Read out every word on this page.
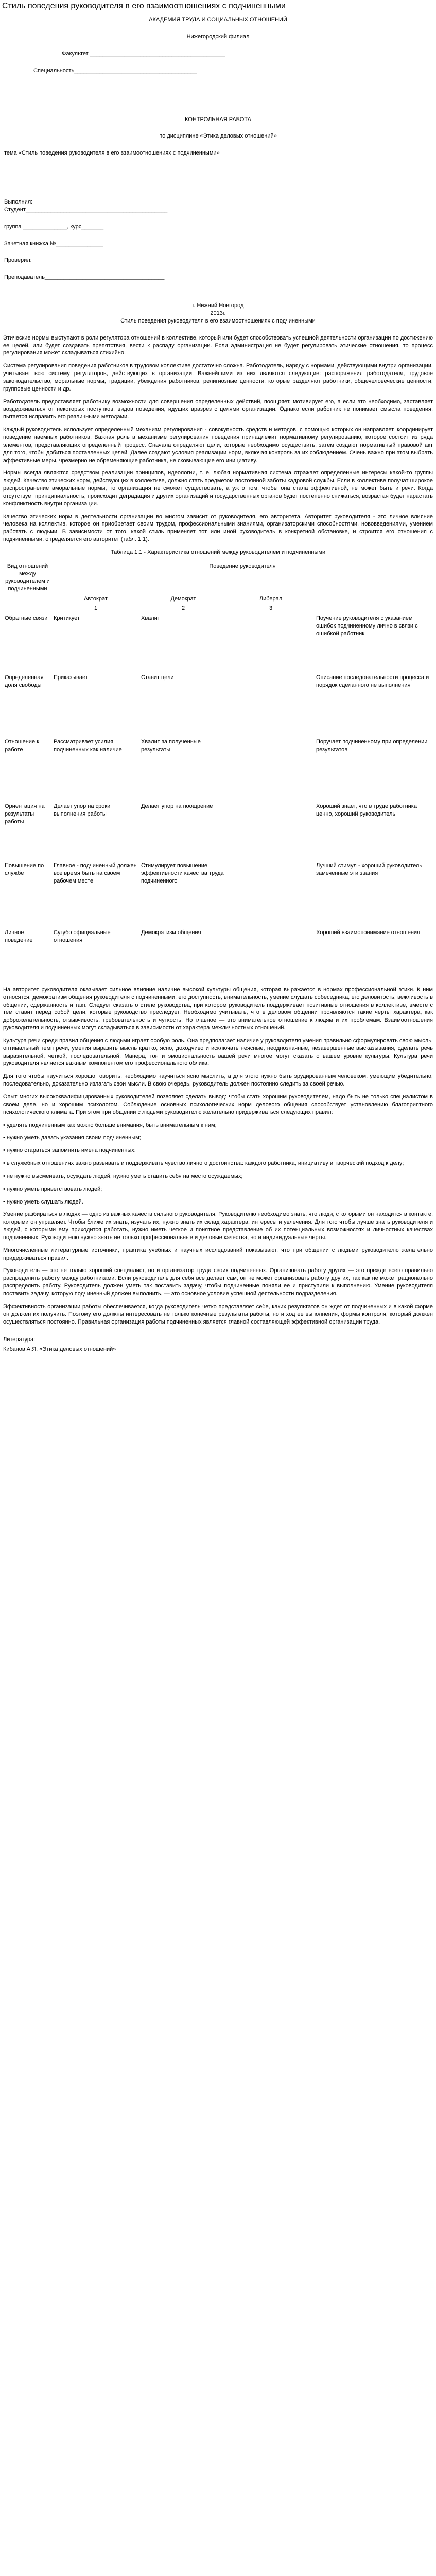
Стиль поведения руководителя в его взаимоотношениях с подчиненными

АКАДЕМИЯ ТРУДА И СОЦИАЛЬНЫХ ОТНОШЕНИЙ

Нижегородский филиал

Факультет ___________________________________________

Специальность_______________________________________

КОНТРОЛЬНАЯ РАБОТА

по дисциплине «Этика деловых отношений»

тема «Стиль поведения руководителя в его взаимоотношениях с подчиненными»

Выполнил:

Студент_____________________________________________

группа ______________, курс_______

Зачетная книжка №_______________

Проверил:

Преподаватель______________________________________

г. Нижний Новгород

2013г.

Стиль поведения руководителя в его взаимоотношениях с подчиненными

Этические нормы выступают в роли регулятора отношений в коллективе, который или будет способствовать успешной деятельности организации по достижению ее целей, или будет создавать препятствия, вести к распаду организации. Если администрация не будет регулировать этические отношения, то процесс регулирования может складываться стихийно.

Система регулирования поведения работников в трудовом коллективе достаточно сложна. Работодатель, наряду с нормами, действующими внутри организации, учитывает всю систему регуляторов, действующих в организации. Важнейшими из них являются следующие: распоряжения работодателя, трудовое законодательство, моральные нормы, традиции, убеждения работников, религиозные ценности, которые разделяют работники, общечеловеческие ценности, групповые ценности и др.

Работодатель предоставляет работнику возможности для совершения определенных действий, поощряет, мотивирует его, а если это необходимо, заставляет воздерживаться от некоторых поступков, видов поведения, идущих вразрез с целями организации. Однако если работник не понимает смысла поведения, пытается исправить его различными методами.

Каждый руководитель использует определенный механизм регулирования - совокупность средств и методов, с помощью которых он направляет, координирует поведение наемных работников. Важная роль в механизме регулирования поведения принадлежит нормативному регулированию, которое состоит из ряда элементов, представляющих определенный процесс. Сначала определяют цели, которые необходимо осуществить, затем создают нормативный правовой акт для того, чтобы добиться поставленных целей. Далее создают условия реализации норм, включая контроль за их соблюдением. Очень важно при этом выбрать эффективные меры, чрезмерно не обременяющие работника, не сковывающие его инициативу.

Нормы всегда являются средством реализации принципов, идеологии, т. е. любая нормативная система отражает определенные интересы какой-то группы людей. Качество этических норм, действующих в коллективе, должно стать предметом постоянной заботы кадровой службы. Если в коллективе получат широкое распространение аморальные нормы, то организация не сможет существовать, а уж о том, чтобы она стала эффективной, не может быть и речи. Когда отсутствует принципиальность, происходит деградация и других организаций и государственных органов будет постепенно снижаться, возрастая будет нарастать конфликтность внутри организации.

Качество этических норм в деятельности организации во многом зависит от руководителя, его авторитета. Авторитет руководителя - это личное влияние человека на коллектив, которое он приобретает своим трудом, профессиональными знаниями, организаторскими способностями, нововведениями, умением работать с людьми. В зависимости от того, какой стиль применяет тот или иной руководитель в конкретной обстановке, и строится его отношения с подчиненными, определяется его авторитет (табл. 1.1).

Таблица 1.1 - Характеристика отношений между руководителем и подчиненными

Вид отношений между руководителем и подчиненными	Поведение руководителя			
	Автократ	Демократ	Либерал	
	1	2	3	
Обратные связи	Критикует	Хвалит		Поучение руководителя с указанием ошибок подчиненному лично в связи с ошибкой работник
Определенная доля свободы	Приказывает	Ставит цели		Описание последовательности процесса и порядок сделанного не выполнения
Отношение к работе	Рассматривает усилия подчиненных как наличие	Хвалит за полученные результаты		Поручает подчиненному при определении результатов
Ориентация на результаты работы	Делает упор на сроки выполнения работы	Делает упор на поощрение		Хороший знает, что в труде работника ценно, хороший руководитель
Повышение по службе	Главное - подчиненный должен все время быть на своем рабочем месте	Стимулирует повышение эффективности качества труда подчиненного		Лучший стимул - хороший руководитель замеченные эти звания
Личное поведение	Сугубо официальные отношения	Демократизм общения		Хороший взаимопонимание отношения

На авторитет руководителя оказывает сильное влияние наличие высокой культуры общения, которая выражается в нормах профессиональной этики. К ним относятся: демократизм общения руководителя с подчиненными, его доступность, внимательность, умение слушать собеседника, его деловитость, вежливость в общении, сдержанность и такт. Следует сказать о стиле руководства, при котором руководитель поддерживает позитивные отношения в коллективе, вместе с тем ставит перед собой цели, которые руководство преследует. Необходимо учитывать, что в деловом общении проявляются такие черты характера, как доброжелательность, отзывчивость, требовательность и чуткость. Но главное — это внимательное отношение к людям и их проблемам. Взаимоотношения руководителя и подчиненных могут складываться в зависимости от характера межличностных отношений.

Культура речи среди правил общения с людьми играет особую роль. Она предполагает наличие у руководителя умения правильно сформулировать свою мысль, оптимальный темп речи, умения выразить мысль кратко, ясно, доходчиво и исключать неясные, неоднозначные, незавершенные высказывания, сделать речь выразительной, четкой, последовательной. Манера, тон и эмоциональность вашей речи многое могут сказать о вашем уровне культуры. Культура речи руководителя является важным компонентом его профессионального облика.

Для того чтобы научиться хорошо говорить, необходимо научиться ясно мыслить, а для этого нужно быть эрудированным человеком, умеющим убедительно, последовательно, доказательно излагать свои мысли. В свою очередь, руководитель должен постоянно следить за своей речью.

Опыт многих высококвалифицированных руководителей позволяет сделать вывод: чтобы стать хорошим руководителем, надо быть не только специалистом в своем деле, но и хорошим психологом. Соблюдение основных психологических норм делового общения способствует установлению благоприятного психологического климата. При этом при общении с людьми руководителю желательно придерживаться следующих правил:

• уделять подчиненным как можно больше внимания, быть внимательным к ним;
• нужно уметь давать указания своим подчиненным;
• нужно стараться запомнить имена подчиненных;
• в служебных отношениях важно развивать и поддерживать чувство личного достоинства: каждого работника, инициативу и творческий подход к делу;
• не нужно высмеивать, осуждать людей, нужно уметь ставить себя на место осуждаемых;
• нужно уметь приветствовать людей;
• нужно уметь слушать людей.

Умение разбираться в людях — одно из важных качеств сильного руководителя. Руководителю необходимо знать, что люди, с которыми он находится в контакте, которыми он управляет. Чтобы ближе их знать, изучать их, нужно знать их склад характера, интересы и увлечения. Для того чтобы лучше знать руководителя и людей, с которыми ему приходится работать, нужно иметь четкое и понятное представление об их потенциальных возможностях и личностных качествах подчиненных. Руководителю нужно знать не только профессиональные и деловые качества, но и индивидуальные черты.

Многочисленные литературные источники, практика учебных и научных исследований показывают, что при общении с людьми руководителю желательно придерживаться правил.

Руководитель — это не только хороший специалист, но и организатор труда своих подчиненных. Организовать работу других — это прежде всего правильно распределить работу между работниками. Если руководитель для себя все делает сам, он не может организовать работу других, так как не может рационально распределить работу. Руководитель должен уметь так поставить задачу, чтобы подчиненные поняли ее и приступили к выполнению. Умение руководителя поставить задачу, которую подчиненный должен выполнить, — это основное условие успешной деятельности подразделения.

Эффективность организации работы обеспечивается, когда руководитель четко представляет себе, каких результатов он ждет от подчиненных и в какой форме он должен их получить. Поэтому его должны интересовать не только конечные результаты работы, но и ход ее выполнения, формы контроля, который должен осуществляться постоянно. Правильная организация работы подчиненных является главной составляющей эффективной организации труда.

Литература:

Кибанов А.Я. «Этика деловых отношений»
